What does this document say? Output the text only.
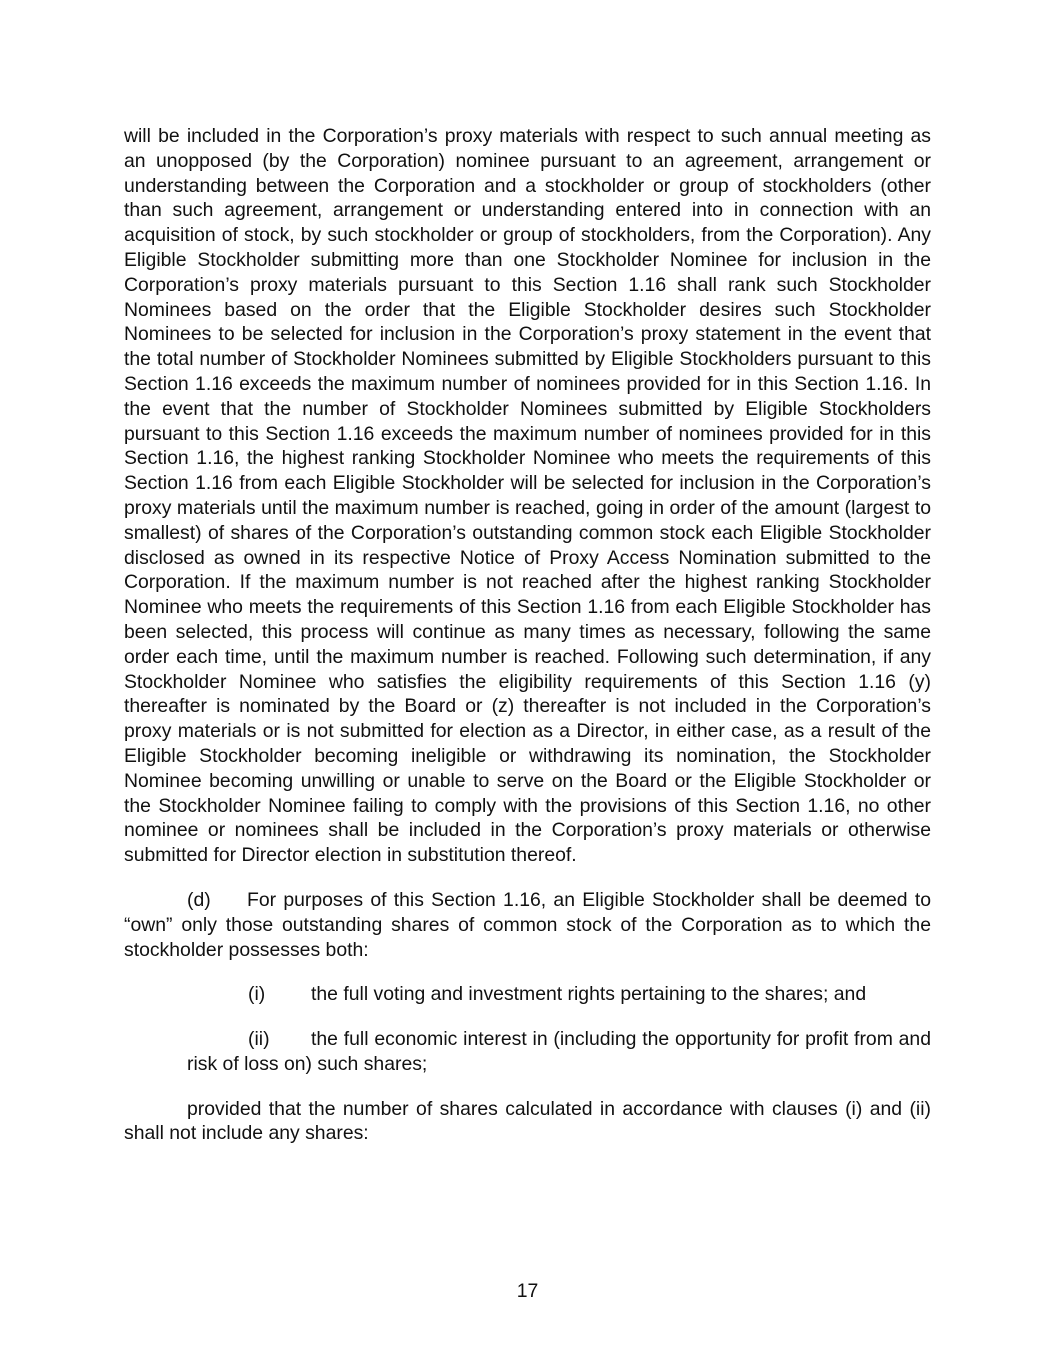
will be included in the Corporation’s proxy materials with respect to such annual meeting as an unopposed (by the Corporation) nominee pursuant to an agreement, arrangement or understanding between the Corporation and a stockholder or group of stockholders (other than such agreement, arrangement or understanding entered into in connection with an acquisition of stock, by such stockholder or group of stockholders, from the Corporation). Any Eligible Stockholder submitting more than one Stockholder Nominee for inclusion in the Corporation’s proxy materials pursuant to this Section 1.16 shall rank such Stockholder Nominees based on the order that the Eligible Stockholder desires such Stockholder Nominees to be selected for inclusion in the Corporation’s proxy statement in the event that the total number of Stockholder Nominees submitted by Eligible Stockholders pursuant to this Section 1.16 exceeds the maximum number of nominees provided for in this Section 1.16. In the event that the number of Stockholder Nominees submitted by Eligible Stockholders pursuant to this Section 1.16 exceeds the maximum number of nominees provided for in this Section 1.16, the highest ranking Stockholder Nominee who meets the requirements of this Section 1.16 from each Eligible Stockholder will be selected for inclusion in the Corporation’s proxy materials until the maximum number is reached, going in order of the amount (largest to smallest) of shares of the Corporation’s outstanding common stock each Eligible Stockholder disclosed as owned in its respective Notice of Proxy Access Nomination submitted to the Corporation. If the maximum number is not reached after the highest ranking Stockholder Nominee who meets the requirements of this Section 1.16 from each Eligible Stockholder has been selected, this process will continue as many times as necessary, following the same order each time, until the maximum number is reached. Following such determination, if any Stockholder Nominee who satisfies the eligibility requirements of this Section 1.16 (y) thereafter is nominated by the Board or (z) thereafter is not included in the Corporation’s proxy materials or is not submitted for election as a Director, in either case, as a result of the Eligible Stockholder becoming ineligible or withdrawing its nomination, the Stockholder Nominee becoming unwilling or unable to serve on the Board or the Eligible Stockholder or the Stockholder Nominee failing to comply with the provisions of this Section 1.16, no other nominee or nominees shall be included in the Corporation’s proxy materials or otherwise submitted for Director election in substitution thereof.

(d) For purposes of this Section 1.16, an Eligible Stockholder shall be deemed to “own” only those outstanding shares of common stock of the Corporation as to which the stockholder possesses both:

(i) the full voting and investment rights pertaining to the shares; and

(ii) the full economic interest in (including the opportunity for profit from and risk of loss on) such shares;

provided that the number of shares calculated in accordance with clauses (i) and (ii) shall not include any shares:

17
